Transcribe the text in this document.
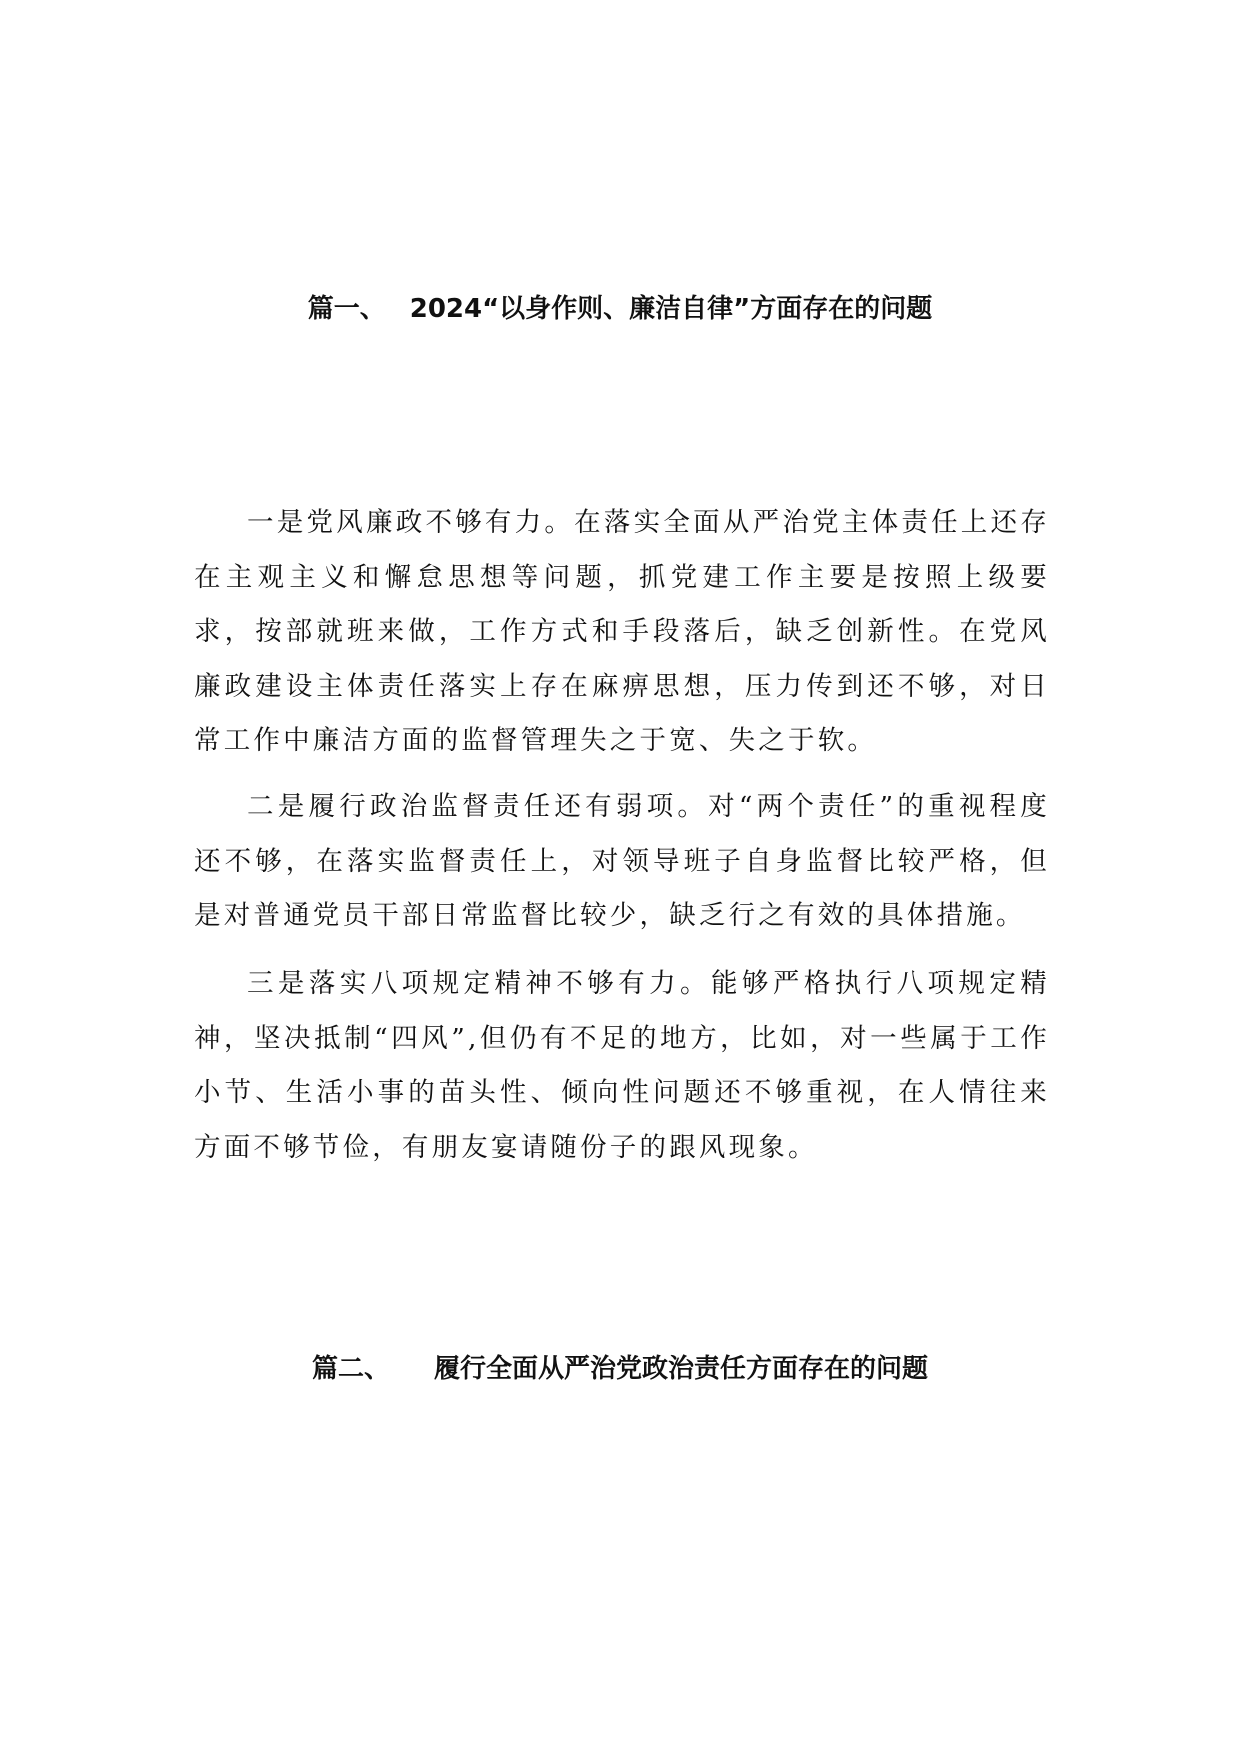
篇一、 2024“以身作则、廉洁自律”方面存在的问题

一是党风廉政不够有力。在落实全面从严治党主体责任上还存在主观主义和懈怠思想等问题，抓党建工作主要是按照上级要求，按部就班来做，工作方式和手段落后，缺乏创新性。在党风廉政建设主体责任落实上存在麻痹思想，压力传到还不够，对日常工作中廉洁方面的监督管理失之于宽、失之于软。

二是履行政治监督责任还有弱项。对“两个责任”的重视程度还不够，在落实监督责任上，对领导班子自身监督比较严格，但是对普通党员干部日常监督比较少，缺乏行之有效的具体措施。

三是落实八项规定精神不够有力。能够严格执行八项规定精神，坚决抵制“四风”,但仍有不足的地方，比如，对一些属于工作小节、生活小事的苗头性、倾向性问题还不够重视，在人情往来方面不够节俭，有朋友宴请随份子的跟风现象。

篇二、 履行全面从严治党政治责任方面存在的问题
